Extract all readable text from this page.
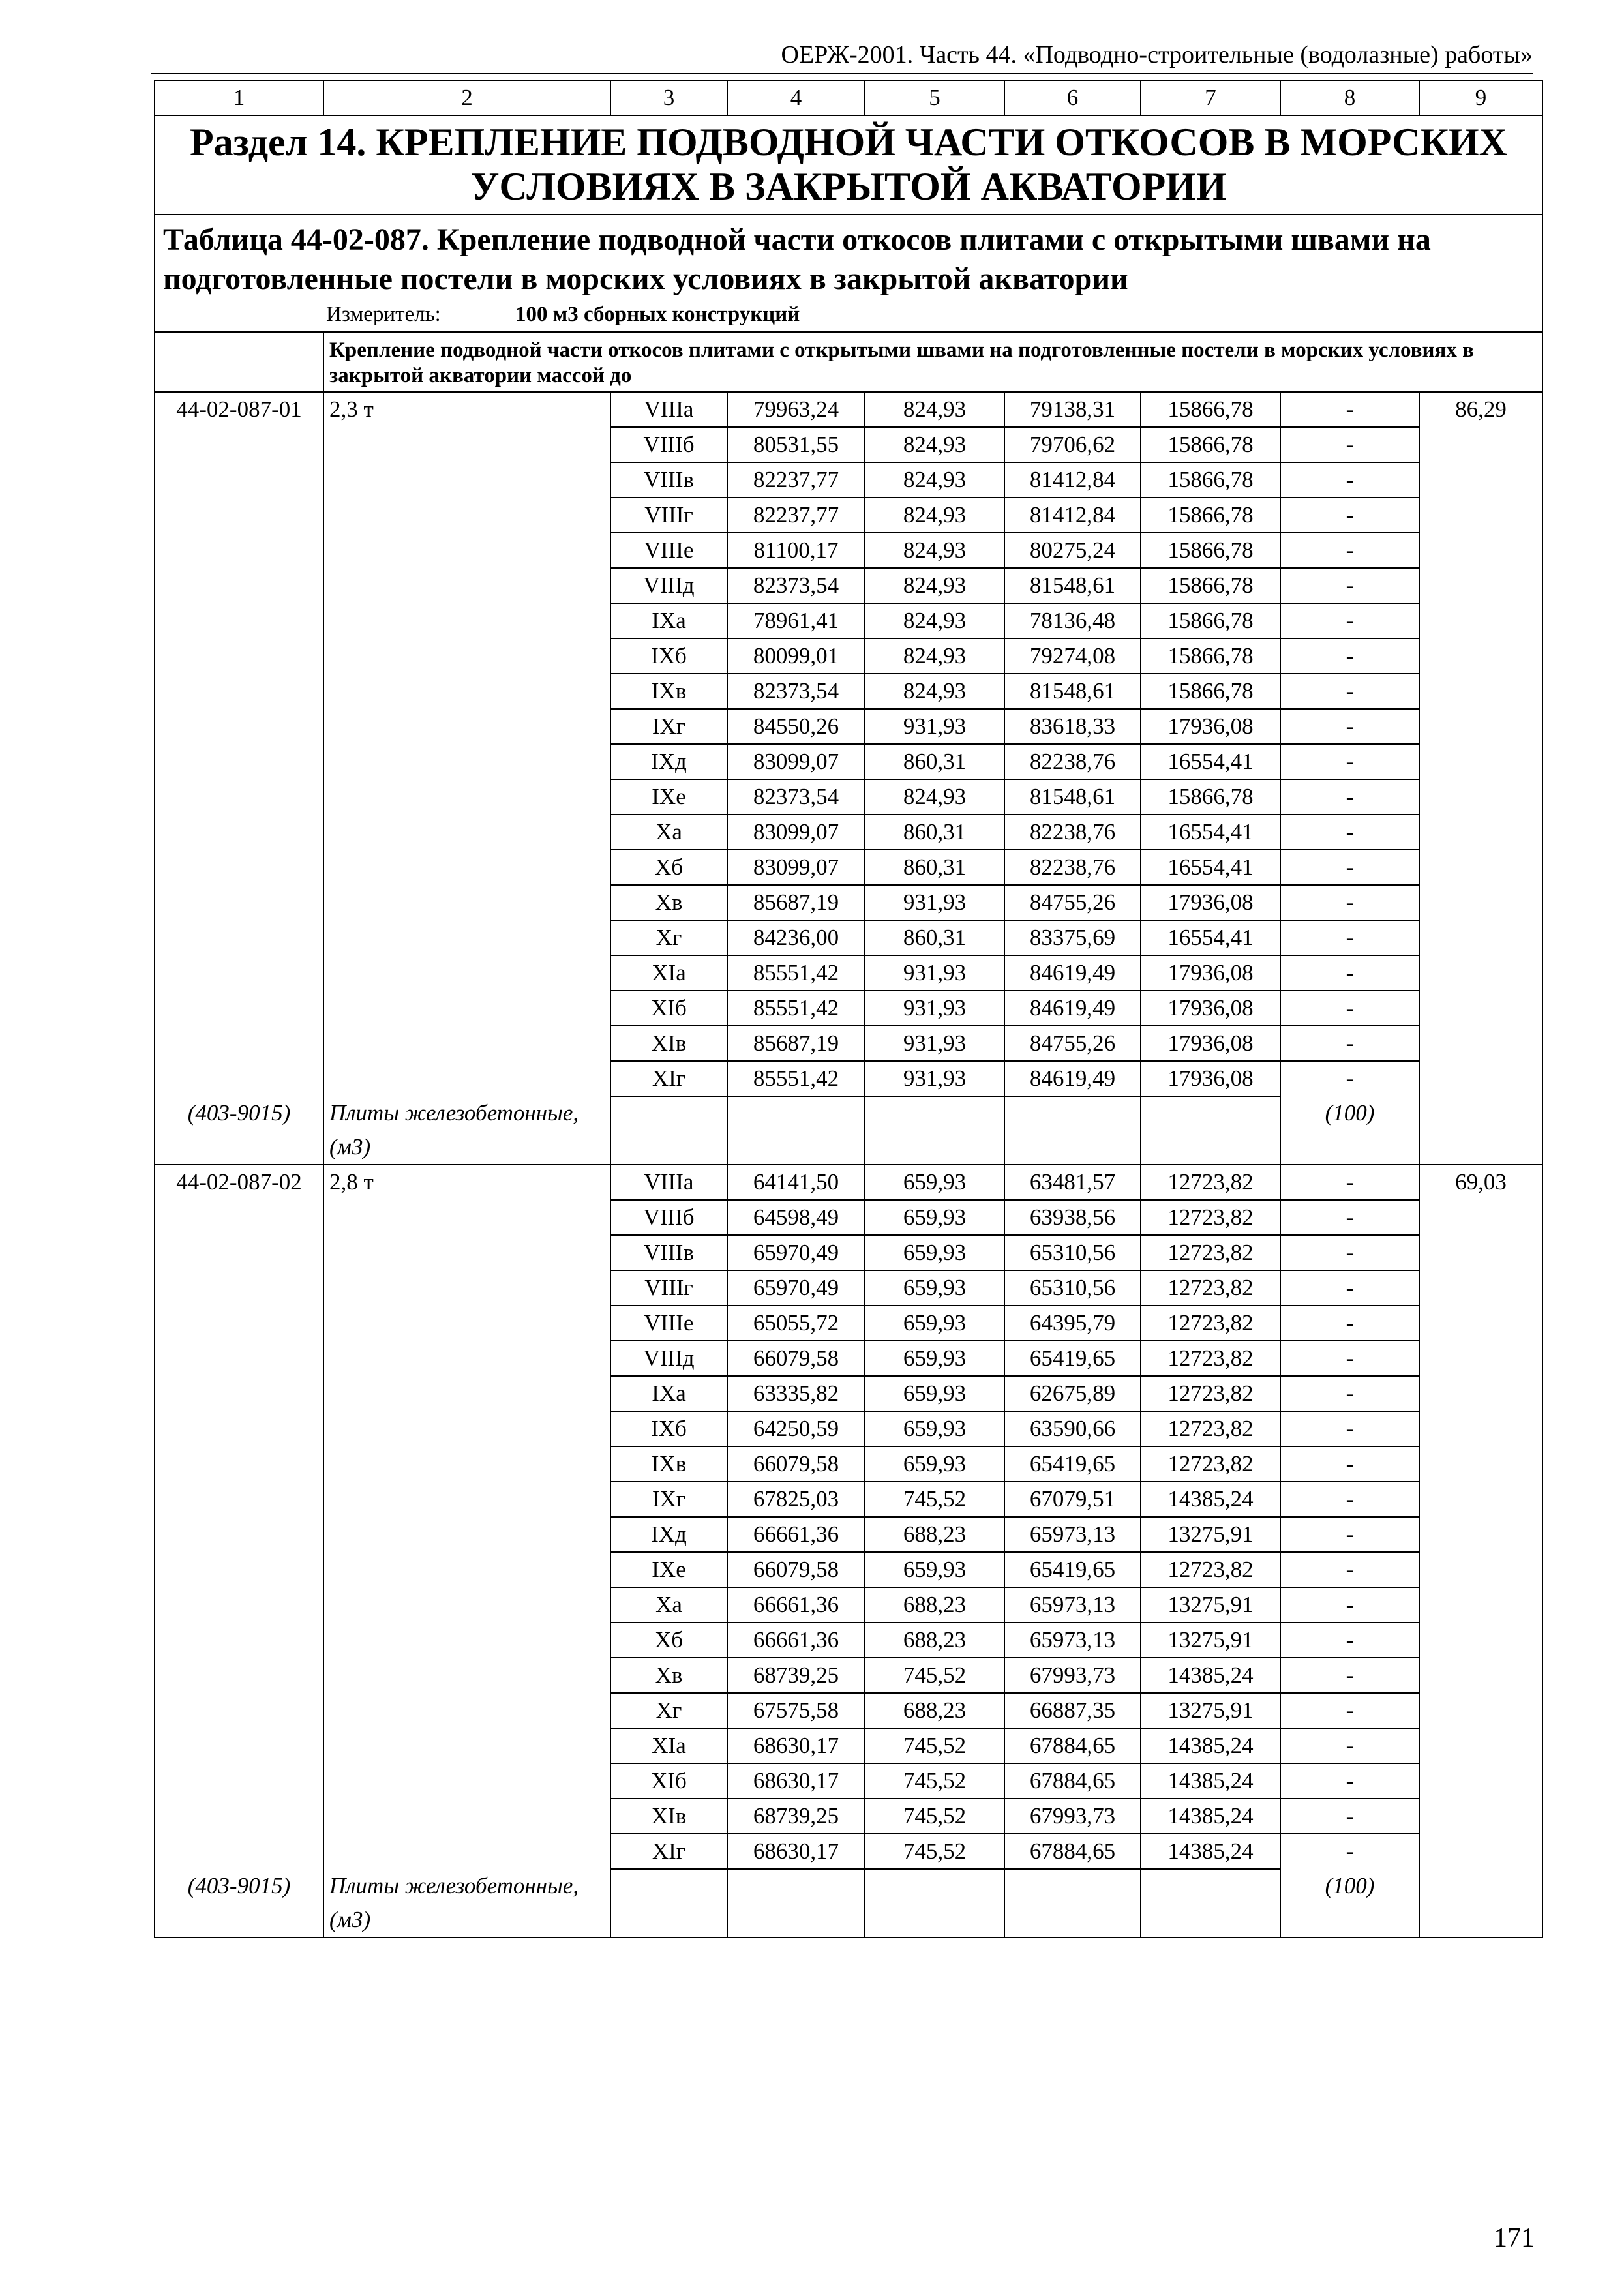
ОЕРЖ-2001. Часть 44. «Подводно-строительные (водолазные) работы»
1	2	3	4	5	6	7	8	9
Раздел 14. КРЕПЛЕНИЕ ПОДВОДНОЙ ЧАСТИ ОТКОСОВ В МОРСКИХ УСЛОВИЯХ В ЗАКРЫТОЙ АКВАТОРИИ								

Таблица 44-02-087. Крепление подводной части откосов плитами с открытыми швами на подготовленные постели в морских условиях в закрытой акватории
Измеритель: 100 м3 сборных конструкций								

	Крепление подводной части откосов плитами с открытыми швами на подготовленные постели в морских условиях в закрытой акватории массой до							
44-02-087-01	2,3 т	VIIIа	79963,24	824,93	79138,31	15866,78	-	86,29
		VIIIб	80531,55	824,93	79706,62	15866,78	-	
		VIIIв	82237,77	824,93	81412,84	15866,78	-	
		VIIIг	82237,77	824,93	81412,84	15866,78	-	
		VIIIе	81100,17	824,93	80275,24	15866,78	-	
		VIIIд	82373,54	824,93	81548,61	15866,78	-	
		IXа	78961,41	824,93	78136,48	15866,78	-	
		IXб	80099,01	824,93	79274,08	15866,78	-	
		IXв	82373,54	824,93	81548,61	15866,78	-	
		IXг	84550,26	931,93	83618,33	17936,08	-	
		IXд	83099,07	860,31	82238,76	16554,41	-	
		IXе	82373,54	824,93	81548,61	15866,78	-	
		Xа	83099,07	860,31	82238,76	16554,41	-	
		Xб	83099,07	860,31	82238,76	16554,41	-	
		Xв	85687,19	931,93	84755,26	17936,08	-	
		Xг	84236,00	860,31	83375,69	16554,41	-	
		XIа	85551,42	931,93	84619,49	17936,08	-	
		XIб	85551,42	931,93	84619,49	17936,08	-	
		XIв	85687,19	931,93	84755,26	17936,08	-	
		XIг	85551,42	931,93	84619,49	17936,08	-	
(403-9015)	Плиты железобетонные, (м3)						(100)	
44-02-087-02	2,8 т	VIIIа	64141,50	659,93	63481,57	12723,82	-	69,03
		VIIIб	64598,49	659,93	63938,56	12723,82	-	
		VIIIв	65970,49	659,93	65310,56	12723,82	-	
		VIIIг	65970,49	659,93	65310,56	12723,82	-	
		VIIIе	65055,72	659,93	64395,79	12723,82	-	
		VIIIд	66079,58	659,93	65419,65	12723,82	-	
		IXа	63335,82	659,93	62675,89	12723,82	-	
		IXб	64250,59	659,93	63590,66	12723,82	-	
		IXв	66079,58	659,93	65419,65	12723,82	-	
		IXг	67825,03	745,52	67079,51	14385,24	-	
		IXд	66661,36	688,23	65973,13	13275,91	-	
		IXе	66079,58	659,93	65419,65	12723,82	-	
		Xа	66661,36	688,23	65973,13	13275,91	-	
		Xб	66661,36	688,23	65973,13	13275,91	-	
		Xв	68739,25	745,52	67993,73	14385,24	-	
		Xг	67575,58	688,23	66887,35	13275,91	-	
		XIа	68630,17	745,52	67884,65	14385,24	-	
		XIб	68630,17	745,52	67884,65	14385,24	-	
		XIв	68739,25	745,52	67993,73	14385,24	-	
		XIг	68630,17	745,52	67884,65	14385,24	-	
(403-9015)	Плиты железобетонные, (м3)						(100)	
171
